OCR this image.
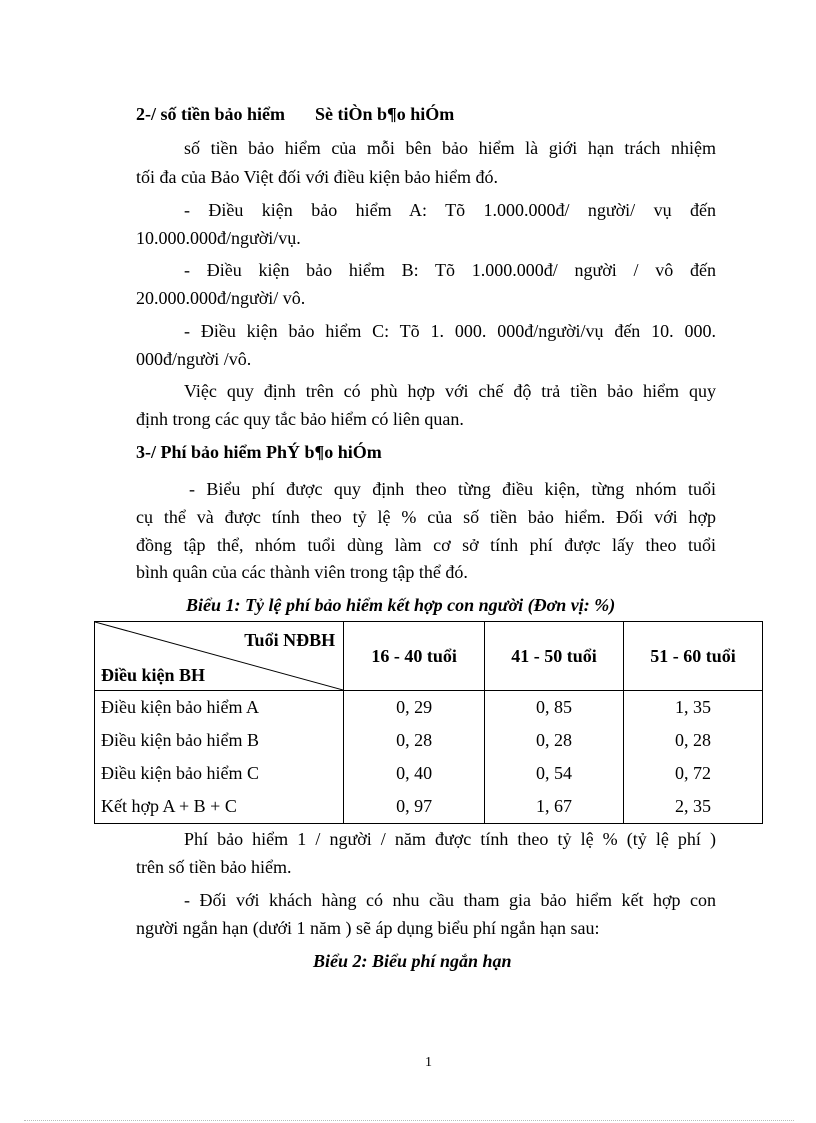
2-/ số tiền bảo hiểm Sè tiÒn b¶o hiÓm
số tiền bảo hiểm của mỗi bên bảo hiểm là giới hạn trách nhiệm
tối đa của Bảo Việt đối với điều kiện bảo hiểm đó.
- Điều kiện bảo hiểm A: Tõ 1.000.000đ/ người/ vụ đến
10.000.000đ/người/vụ.
- Điều kiện bảo hiểm B: Tõ 1.000.000đ/ người / vô đến
20.000.000đ/người/ vô.
- Điều kiện bảo hiểm C: Tõ 1. 000. 000đ/người/vụ đến 10. 000.
000đ/người /vô.
Việc quy định trên có phù hợp với chế độ trả tiền bảo hiểm quy
định trong các quy tắc bảo hiểm có liên quan.
3-/ Phí bảo hiểm PhÝ b¶o hiÓm
- Biểu phí được quy định theo từng điều kiện, từng nhóm tuổi
cụ thể và được tính theo tỷ lệ % của số tiền bảo hiểm. Đối với hợp
đồng tập thể, nhóm tuổi dùng làm cơ sở tính phí được lấy theo tuổi
bình quân của các thành viên trong tập thể đó.
Biểu 1: Tỷ lệ phí bảo hiểm kết hợp con người (Đơn vị: %)
Tuổi NĐBH
Điều kiện BH	16 - 40 tuổi	41 - 50 tuổi	51 - 60 tuổi
Điều kiện bảo hiểm A	0, 29	0, 85	1, 35
Điều kiện bảo hiểm B	0, 28	0, 28	0, 28
Điều kiện bảo hiểm C	0, 40	0, 54	0, 72
Kết hợp A + B + C	0, 97	1, 67	2, 35
Phí bảo hiểm 1 / người / năm được tính theo tỷ lệ % (tỷ lệ phí )
trên số tiền bảo hiểm.
- Đối với khách hàng có nhu cầu tham gia bảo hiểm kết hợp con
người ngắn hạn (dưới 1 năm ) sẽ áp dụng biểu phí ngắn hạn sau:
Biểu 2: Biểu phí ngắn hạn
1
